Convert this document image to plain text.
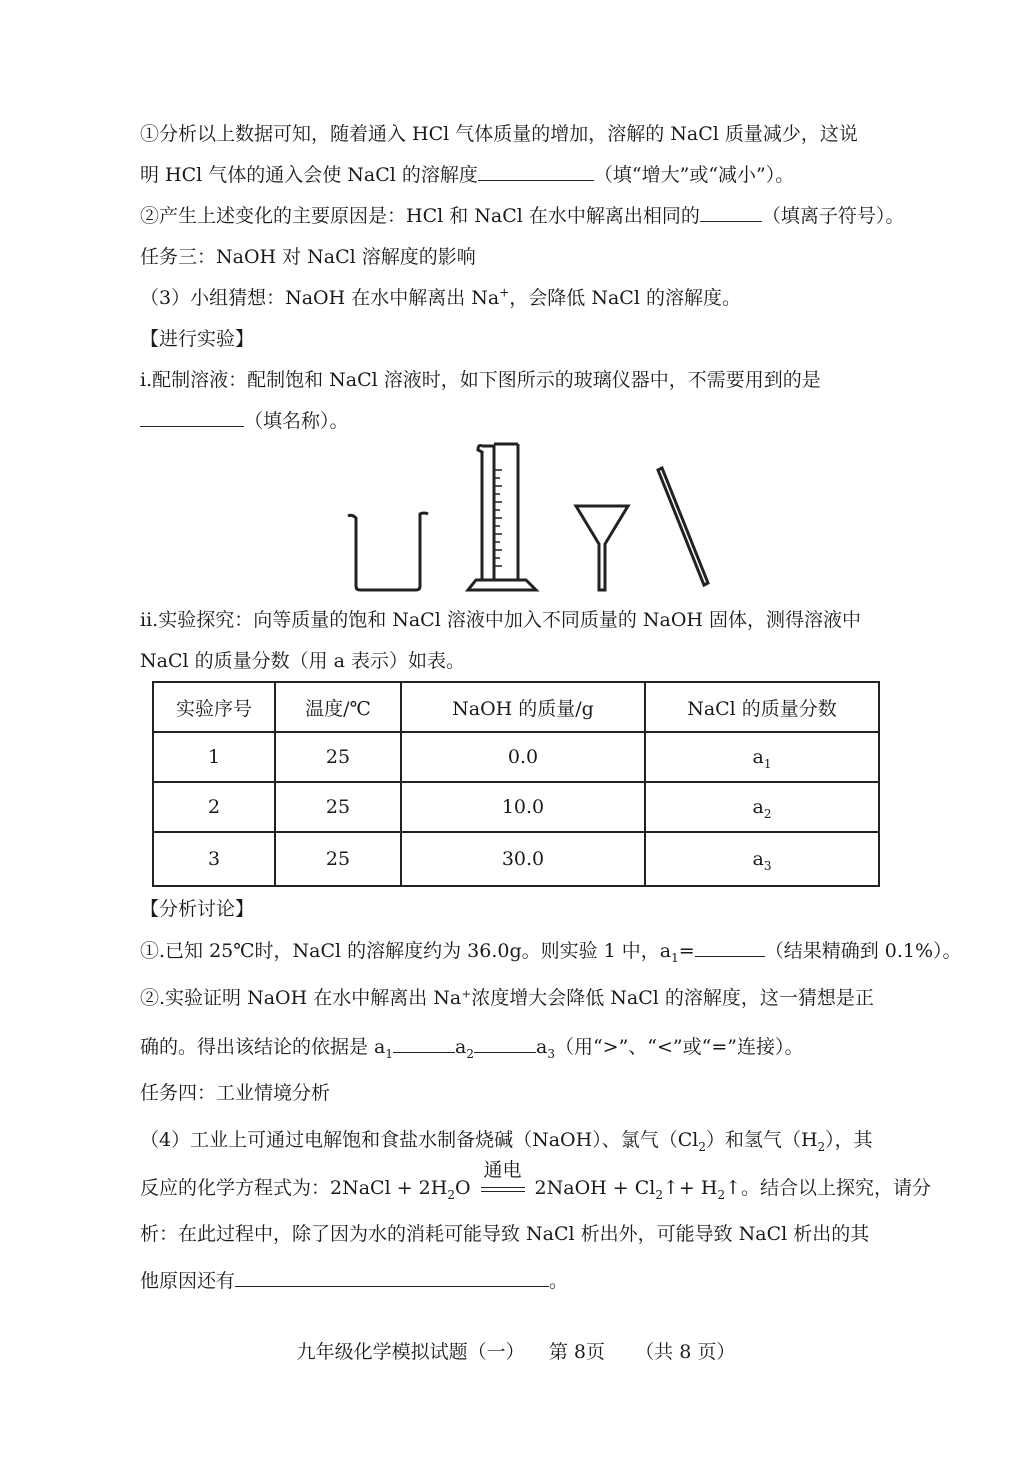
①分析以上数据可知，随着通入 HCl 气体质量的增加，溶解的 NaCl 质量减少，这说
明 HCl 气体的通入会使 NaCl 的溶解度	（填“增大”或“减小”）。
②产生上述变化的主要原因是：HCl 和 NaCl 在水中解离出相同的	（填离子符号）。
任务三：NaOH 对 NaCl 溶解度的影响
（3）小组猜想：NaOH 在水中解离出 Na+，会降低 NaCl 的溶解度。
【进行实验】
ⅰ.配制溶液：配制饱和 NaCl 溶液时，如下图所示的玻璃仪器中，不需要用到的是
（填名称）。
ⅱ.实验探究：向等质量的饱和 NaCl 溶液中加入不同质量的 NaOH 固体，测得溶液中
NaCl 的质量分数（用 a 表示）如表。
实验序号	温度/℃	NaOH 的质量/g	NaCl 的质量分数
1	25	0.0	$a_1$
2	25	10.0	$a_2$
3	25	30.0	$a_3$
【分析讨论】
①.已知 25℃时，NaCl 的溶解度约为 36.0g。则实验 1 中，$a_1=$	（结果精确到 0.1%）。
②.实验证明 NaOH 在水中解离出 Na⁺浓度增大会降低 NaCl 的溶解度，这一猜想是正
确的。得出该结论的依据是 $a_1$	$a_2$	$a_3$（用“>”、“<”或“=”连接）。
任务四：工业情境分析
（4）工业上可通过电解饱和食盐水制备烧碱（NaOH）、氯气$(Cl_2)$和氢气$(H_2)$，其
反应的化学方程式为：2NaCl + $2H_2O$
通电
2NaOH + $Cl_2↑+$ $H_2↑$。结合以上探究，请分
析：在此过程中，除了因为水的消耗可能导致 NaCl 析出外，可能导致 NaCl 析出的其
他原因还有	。
九年级化学模拟试题（一）    第 8页     （共 8 页）
